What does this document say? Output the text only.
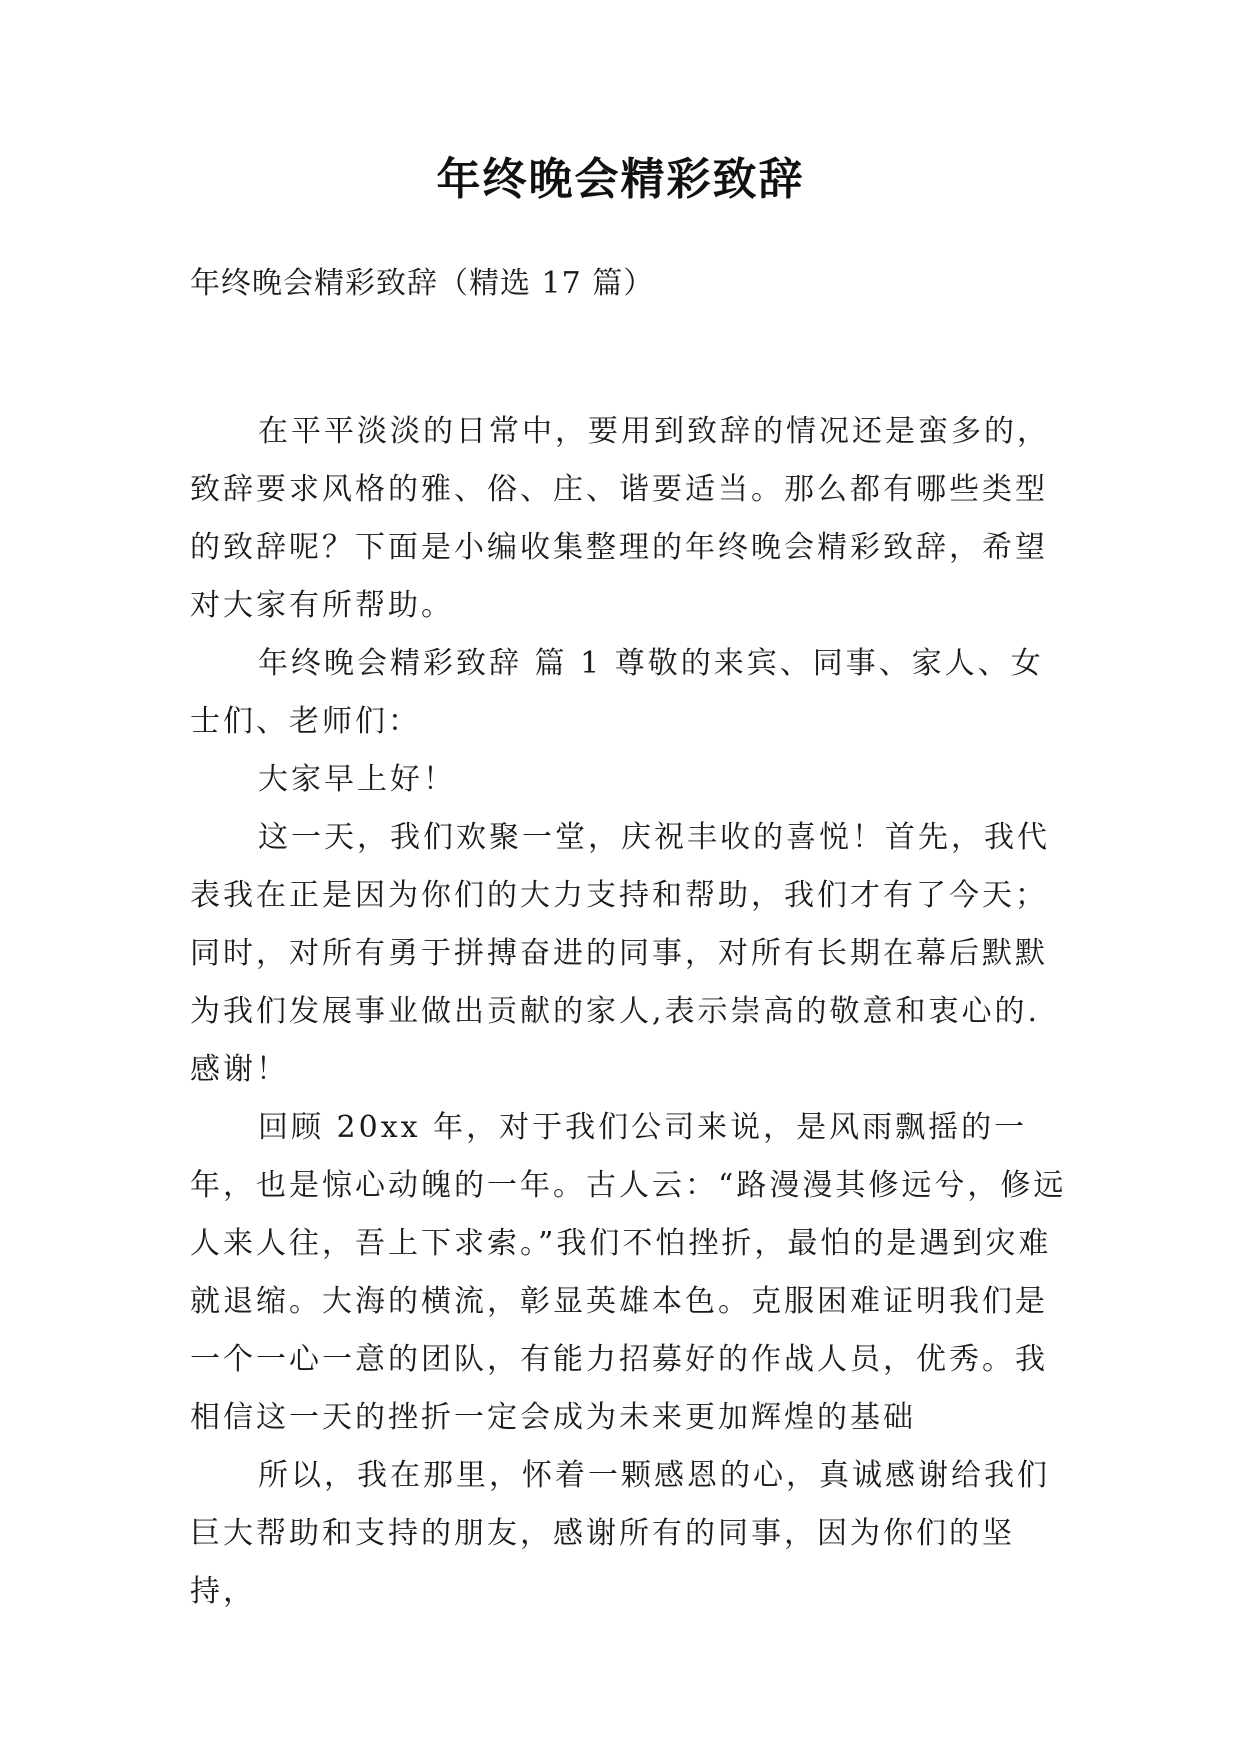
年终晚会精彩致辞
年终晚会精彩致辞（精选 17 篇）

在平平淡淡的日常中，要用到致辞的情况还是蛮多的，致辞要求风格的雅、俗、庄、谐要适当。那么都有哪些类型的致辞呢？下面是小编收集整理的年终晚会精彩致辞，希望对大家有所帮助。

年终晚会精彩致辞 篇 1 尊敬的来宾、同事、家人、女士们、老师们：

大家早上好！

这一天，我们欢聚一堂，庆祝丰收的喜悦！首先，我代表我在正是因为你们的大力支持和帮助，我们才有了今天；同时，对所有勇于拼搏奋进的同事，对所有长期在幕后默默为我们发展事业做出贡献的家人,表示崇高的敬意和衷心的.感谢！

回顾 20xx 年，对于我们公司来说，是风雨飘摇的一年，也是惊心动魄的一年。古人云：“路漫漫其修远兮，修远人来人往，吾上下求索。”我们不怕挫折，最怕的是遇到灾难就退缩。大海的横流，彰显英雄本色。克服困难证明我们是一个一心一意的团队，有能力招募好的作战人员，优秀。我相信这一天的挫折一定会成为未来更加辉煌的基础

所以，我在那里，怀着一颗感恩的心，真诚感谢给我们巨大帮助和支持的朋友，感谢所有的同事，因为你们的坚持，
